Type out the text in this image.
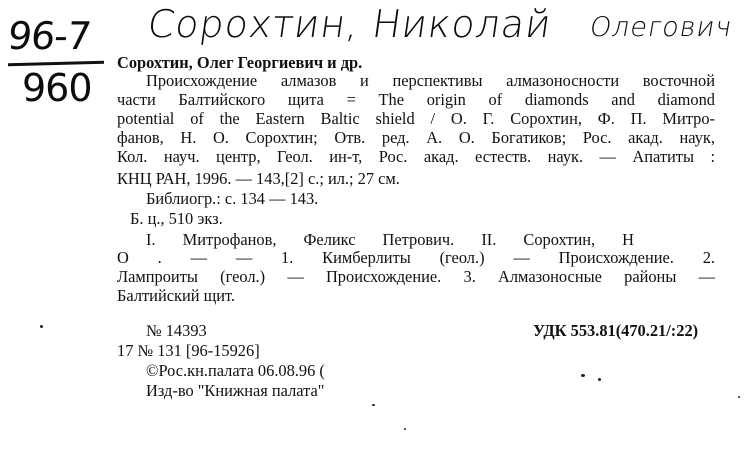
96-7
960
Сорохтин, Николай Олегович
Сорохтин, Олег Георгиевич и др.
Происхождение алмазов и перспективы алмазоносности восточной
части Балтийского щита = The origin of diamonds and diamond
potential of the Eastern Baltic shield / О. Г. Сорохтин, Ф. П. Митро-
фанов, Н. О. Сорохтин; Отв. ред. А. О. Богатиков; Рос. акад. наук,
Кол. науч. центр, Геол. ин-т, Рос. акад. естеств. наук. — Апатиты :
КНЦ РАН, 1996. — 143,[2] с.; ил.; 27 см.
Библиогр.: с. 134 — 143.
Б. ц., 510 экз.
I. Митрофанов, Феликс Петрович. II. Сорохтин, Н
О . — — 1. Кимберлиты (геол.) — Происхождение. 2.
Лампроиты (геол.) — Происхождение. 3. Алмазоносные районы —
Балтийский щит.
№ 14393	УДК 553.81(470.21/:22)
17 № 131 [96-15926]
©Рос.кн.палата 06.08.96 (
Изд-во "Книжная палата"
